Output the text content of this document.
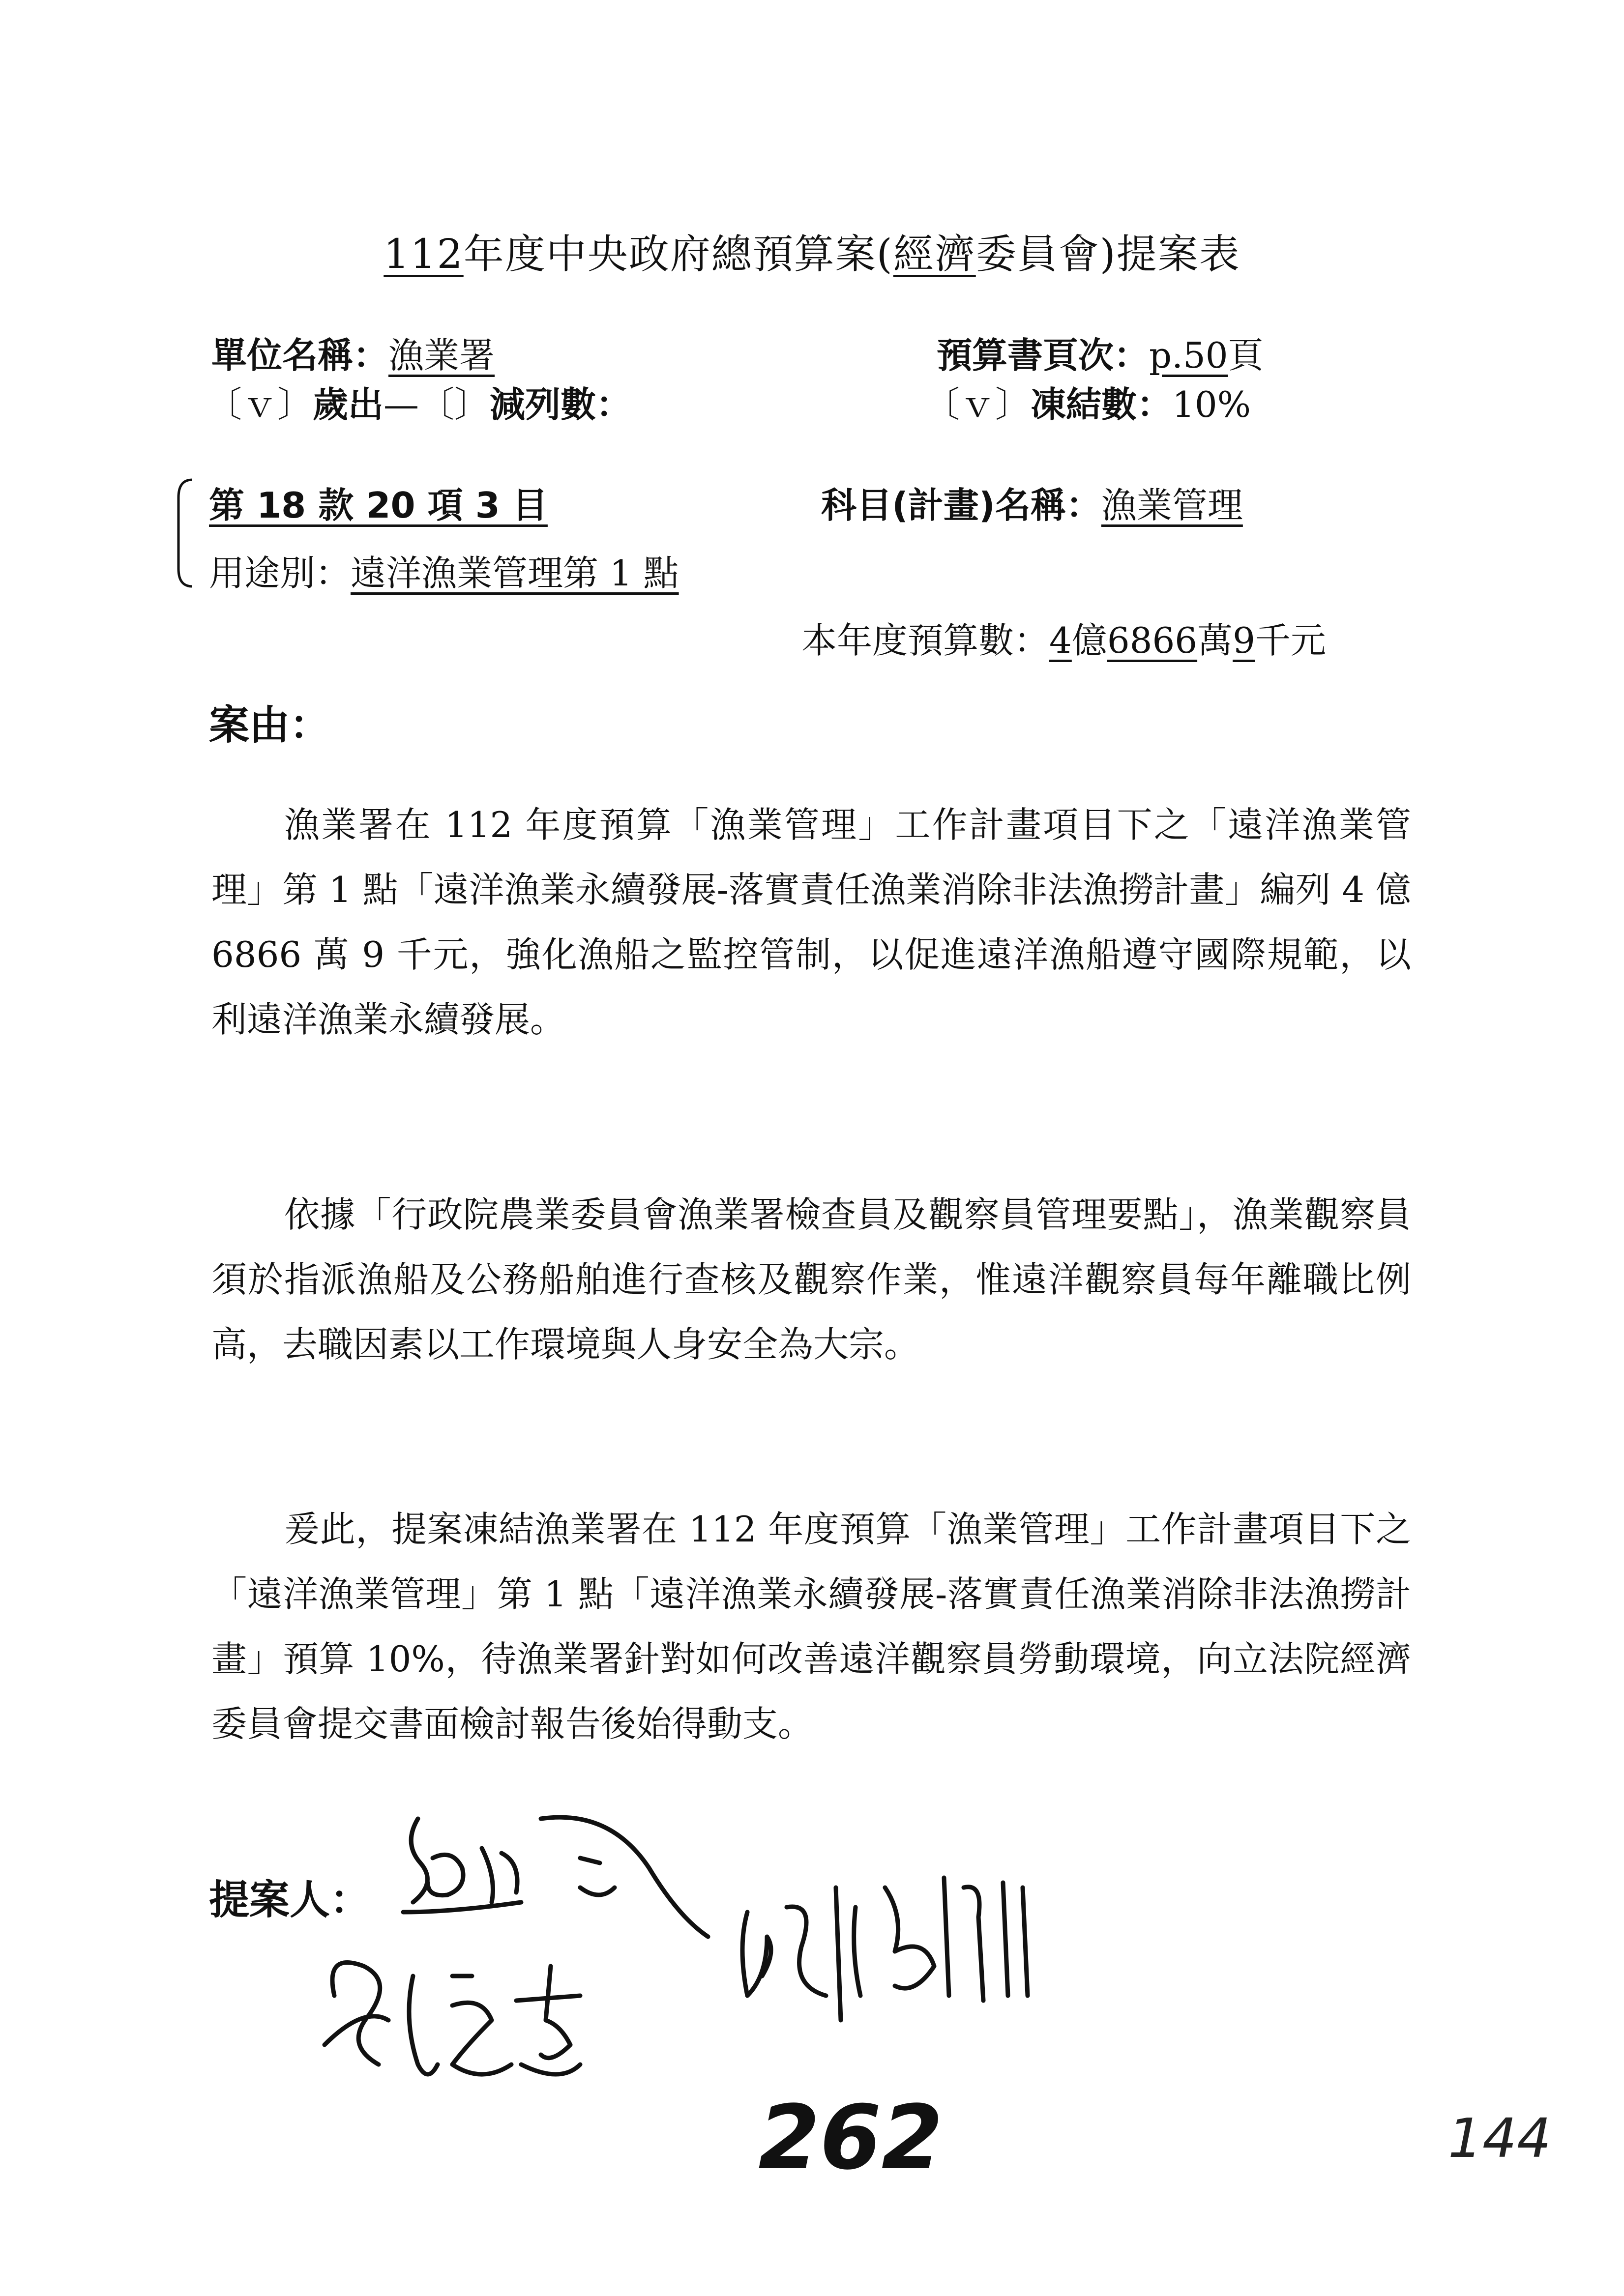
112年度中央政府總預算案(經濟委員會)提案表
單位名稱：漁業署	預算書頁次：p.50頁
〔ｖ〕歲出—〔〕減列數：	〔ｖ〕凍結數：10%
第 18 款 20 項 3 目	科目(計畫)名稱：漁業管理
用途別：遠洋漁業管理第 1 點
本年度預算數：4億6866萬9千元
案由：

漁業署在 112 年度預算「漁業管理」工作計畫項目下之「遠洋漁業管理」第 1 點「遠洋漁業永續發展-落實責任漁業消除非法漁撈計畫」編列 4 億 6866 萬 9 千元，強化漁船之監控管制，以促進遠洋漁船遵守國際規範，以利遠洋漁業永續發展。

依據「行政院農業委員會漁業署檢查員及觀察員管理要點」，漁業觀察員須於指派漁船及公務船舶進行查核及觀察作業，惟遠洋觀察員每年離職比例高，去職因素以工作環境與人身安全為大宗。

爰此，提案凍結漁業署在 112 年度預算「漁業管理」工作計畫項目下之「遠洋漁業管理」第 1 點「遠洋漁業永續發展-落實責任漁業消除非法漁撈計畫」預算 10%，待漁業署針對如何改善遠洋觀察員勞動環境，向立法院經濟委員會提交書面檢討報告後始得動支。

提案人：
262	144
